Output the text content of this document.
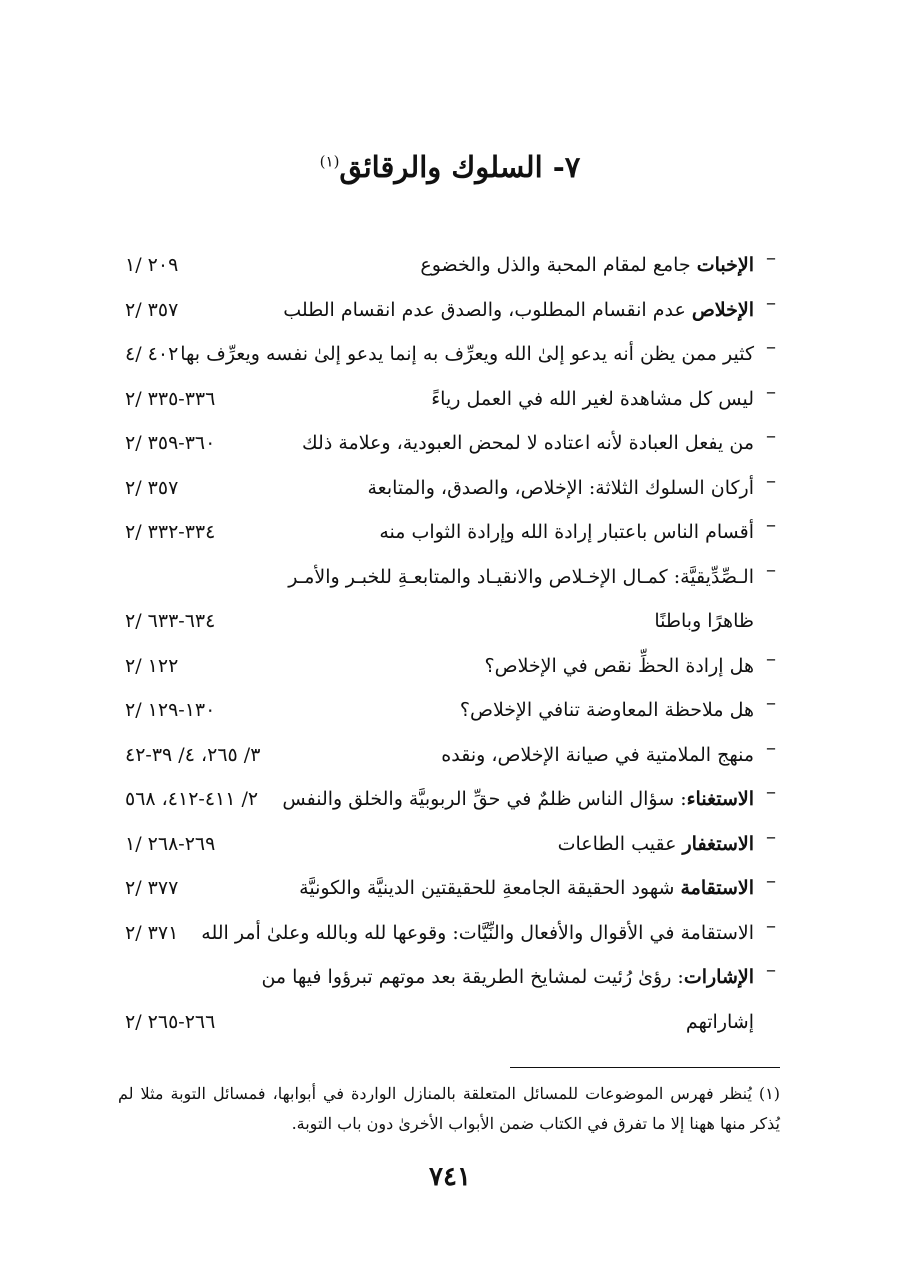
٧- السلوك والرقائق$^{(١)}$
–
الإخبات جامع لمقام المحبة والذل والخضوع
٢٠٩ /١
–
الإخلاص عدم انقسام المطلوب، والصدق عدم انقسام الطلب
٣٥٧ /٢
–
كثير ممن يظن أنه يدعو إلىٰ الله ويعرِّف به إنما يدعو إلىٰ نفسه ويعرِّف بها
٤٠٢ /٤
–
ليس كل مشاهدة لغير الله في العمل رياءً
٣٣٦-٣٣٥ /٢
–
من يفعل العبادة لأنه اعتاده لا لمحض العبودية، وعلامة ذلك
٣٦٠-٣٥٩ /٢
–
أركان السلوك الثلاثة: الإخلاص، والصدق، والمتابعة
٣٥٧ /٢
–
أقسام الناس باعتبار إرادة الله وإرادة الثواب منه
٣٣٤-٣٣٢ /٢
–
الـصِّدِّيقيَّة: كمـال الإخـلاص والانقيـاد والمتابعـةِ للخبـر والأمـر
ظاهرًا وباطنًا
٦٣٤-٦٣٣ /٢
–
هل إرادة الحظِّ نقص في الإخلاص؟
١٢٢ /٢
–
هل ملاحظة المعاوضة تنافي الإخلاص؟
١٣٠-١٢٩ /٢
–
منهج الملامتية في صيانة الإخلاص، ونقده
٣/ ٢٦٥، ٤/ ٣٩-٤٢
–
الاستغناء: سؤال الناس ظلمٌ في حقِّ الربوبيَّة والخلق والنفس
٢/ ٤١١-٤١٢، ٥٦٨
–
الاستغفار عقيب الطاعات
٢٦٩-٢٦٨ /١
–
الاستقامة شهود الحقيقة الجامعةِ للحقيقتين الدينيَّة والكونيَّة
٣٧٧ /٢
–
الاستقامة في الأقوال والأفعال والنِّيَّات: وقوعها لله وبالله وعلىٰ أمر الله
٣٧١ /٢
–
الإشارات: رؤىٰ رُئيت لمشايخ الطريقة بعد موتهم تبرؤوا فيها من
إشاراتهم
٢٦٦-٢٦٥ /٢
(١) يُنظر فهرس الموضوعات للمسائل المتعلقة بالمنازل الواردة في أبوابها، فمسائل التوبة مثلا لم يُذكر منها ههنا إلا ما تفرق في الكتاب ضمن الأبواب الأخرىٰ دون باب التوبة.
٧٤١
